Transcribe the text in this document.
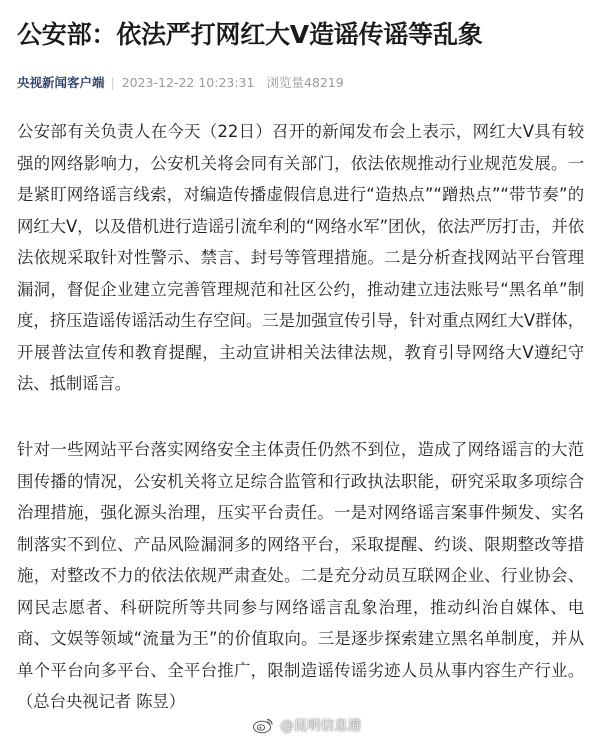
公安部：依法严打网红大V造谣传谣等乱象
央视新闻客户端 | 2023-12-22 10:23:31 浏览量48219

公安部有关负责人在今天（22日）召开的新闻发布会上表示，网红大V具有较强的网络影响力，公安机关将会同有关部门，依法依规推动行业规范发展。一是紧盯网络谣言线索，对编造传播虚假信息进行“造热点”“蹭热点”“带节奏”的网红大V，以及借机进行造谣引流牟利的“网络水军”团伙，依法严厉打击，并依法依规采取针对性警示、禁言、封号等管理措施。二是分析查找网站平台管理漏洞，督促企业建立完善管理规范和社区公约，推动建立违法账号“黑名单”制度，挤压造谣传谣活动生存空间。三是加强宣传引导，针对重点网红大V群体，开展普法宣传和教育提醒，主动宣讲相关法律法规，教育引导网络大V遵纪守法、抵制谣言。

针对一些网站平台落实网络安全主体责任仍然不到位，造成了网络谣言的大范围传播的情况，公安机关将立足综合监管和行政执法职能，研究采取多项综合治理措施，强化源头治理，压实平台责任。一是对网络谣言案事件频发、实名制落实不到位、产品风险漏洞多的网络平台，采取提醒、约谈、限期整改等措施，对整改不力的依法依规严肃查处。二是充分动员互联网企业、行业协会、网民志愿者、科研院所等共同参与网络谣言乱象治理，推动纠治自媒体、电商、文娱等领域“流量为王”的价值取向。三是逐步探索建立黑名单制度，并从单个平台向多平台、全平台推广，限制造谣传谣劣迹人员从事内容生产行业。（总台央视记者 陈昱）

@昆明信息港
